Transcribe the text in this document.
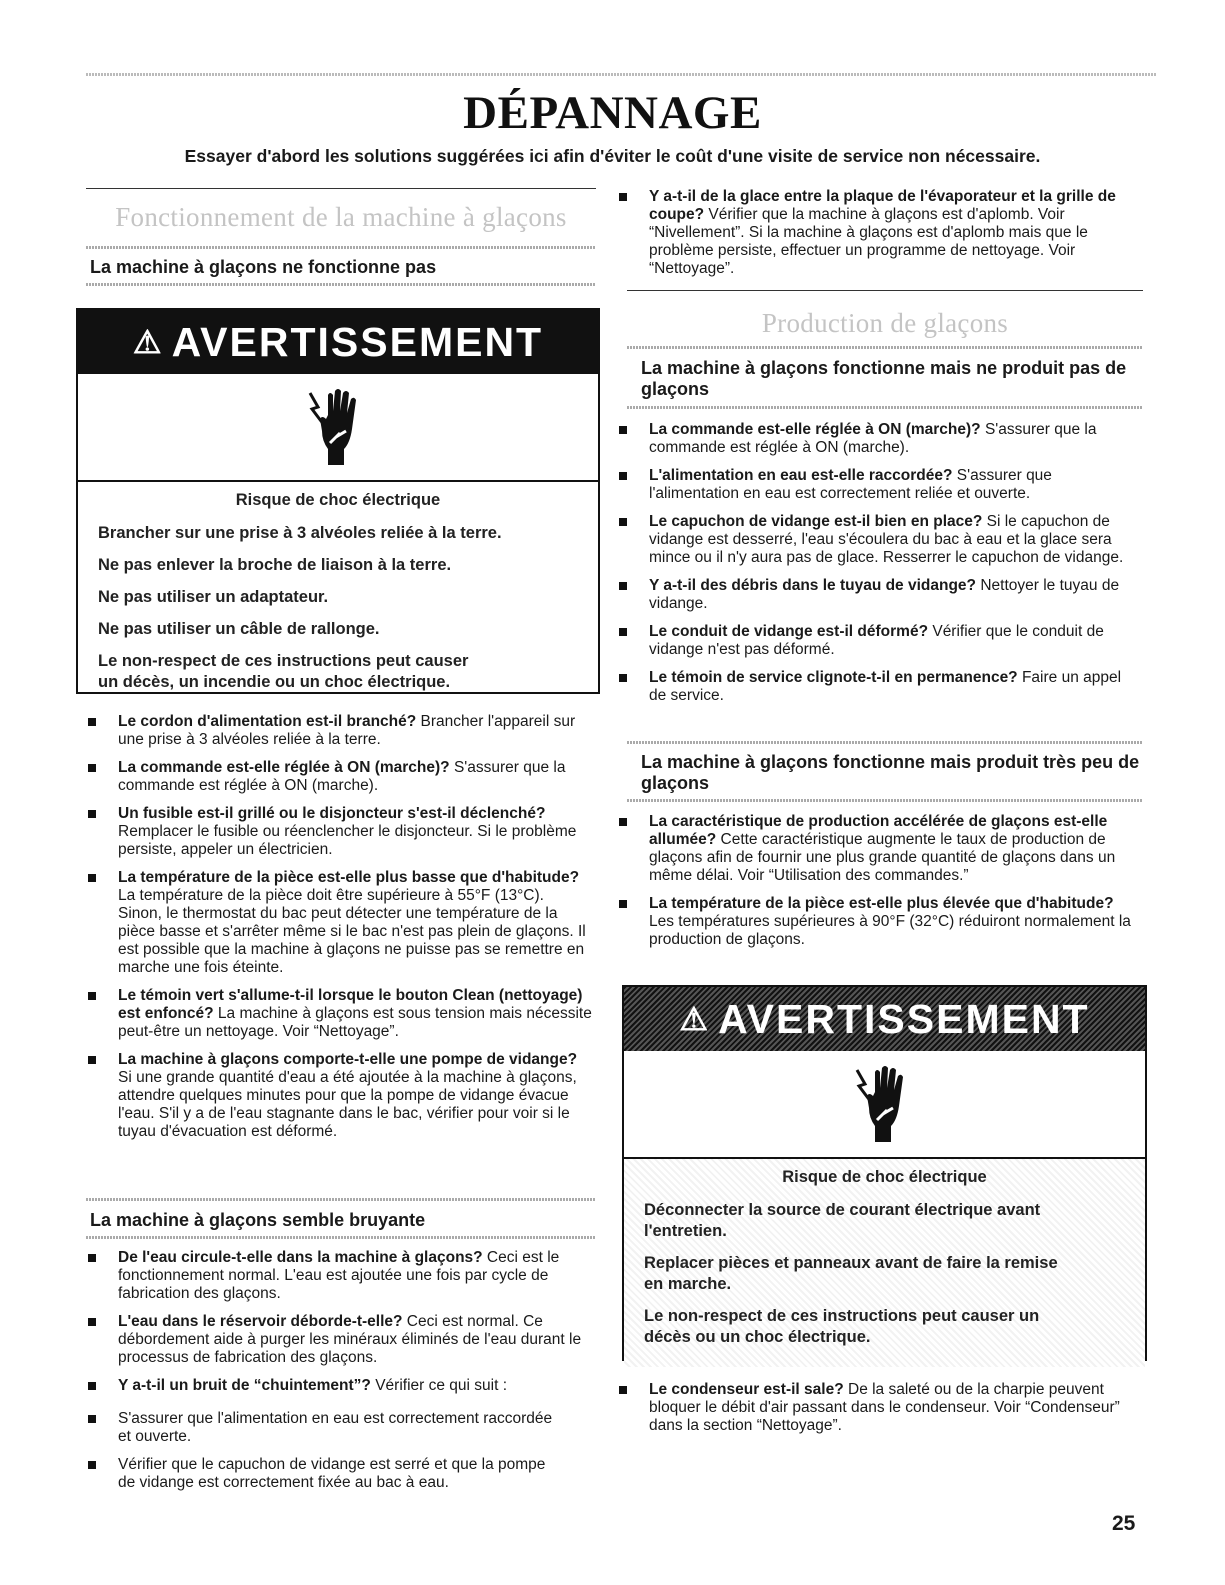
DÉPANNAGE

Essayer d'abord les solutions suggérées ici afin d'éviter le coût d'une visite de service non nécessaire.

Fonctionnement de la machine à glaçons
La machine à glaçons ne fonctionne pas
⚠ AVERTISSEMENT

Risque de choc électrique

Brancher sur une prise à 3 alvéoles reliée à la terre.

Ne pas enlever la broche de liaison à la terre.

Ne pas utiliser un adaptateur.

Ne pas utiliser un câble de rallonge.

Le non-respect de ces instructions peut causer

un décès, un incendie ou un choc électrique.

Le cordon d'alimentation est-il branché? Brancher l'appareil sur une prise à 3 alvéoles reliée à la terre.
La commande est-elle réglée à ON (marche)? S'assurer que la commande est réglée à ON (marche).
Un fusible est-il grillé ou le disjoncteur s'est-il déclenché? Remplacer le fusible ou réenclencher le disjoncteur. Si le problème persiste, appeler un électricien.
La température de la pièce est-elle plus basse que d'habitude? La température de la pièce doit être supérieure à 55°F (13°C). Sinon, le thermostat du bac peut détecter une température de la pièce basse et s'arrêter même si le bac n'est pas plein de glaçons. Il est possible que la machine à glaçons ne puisse pas se remettre en marche une fois éteinte.
Le témoin vert s'allume-t-il lorsque le bouton Clean (nettoyage) est enfoncé? La machine à glaçons est sous tension mais nécessite peut-être un nettoyage. Voir “Nettoyage”.
La machine à glaçons comporte-t-elle une pompe de vidange? Si une grande quantité d'eau a été ajoutée à la machine à glaçons, attendre quelques minutes pour que la pompe de vidange évacue l'eau. S'il y a de l'eau stagnante dans le bac, vérifier pour voir si le tuyau d'évacuation est déformé.
La machine à glaçons semble bruyante
De l'eau circule-t-elle dans la machine à glaçons? Ceci est le fonctionnement normal. L'eau est ajoutée une fois par cycle de fabrication des glaçons.
L'eau dans le réservoir déborde-t-elle? Ceci est normal. Ce débordement aide à purger les minéraux éliminés de l'eau durant le processus de fabrication des glaçons.
Y a-t-il un bruit de “chuintement”? Vérifier ce qui suit :
S'assurer que l'alimentation en eau est correctement raccordée et ouverte.
Vérifier que le capuchon de vidange est serré et que la pompe de vidange est correctement fixée au bac à eau.
Y a-t-il de la glace entre la plaque de l'évaporateur et la grille de coupe? Vérifier que la machine à glaçons est d'aplomb. Voir “Nivellement”. Si la machine à glaçons est d'aplomb mais que le problème persiste, effectuer un programme de nettoyage. Voir “Nettoyage”.
Production de glaçons
La machine à glaçons fonctionne mais ne produit pas de glaçons
La commande est-elle réglée à ON (marche)? S'assurer que la commande est réglée à ON (marche).
L'alimentation en eau est-elle raccordée? S'assurer que l'alimentation en eau est correctement reliée et ouverte.
Le capuchon de vidange est-il bien en place? Si le capuchon de vidange est desserré, l'eau s'écoulera du bac à eau et la glace sera mince ou il n'y aura pas de glace. Resserrer le capuchon de vidange.
Y a-t-il des débris dans le tuyau de vidange? Nettoyer le tuyau de vidange.
Le conduit de vidange est-il déformé? Vérifier que le conduit de vidange n'est pas déformé.
Le témoin de service clignote-t-il en permanence? Faire un appel de service.
La machine à glaçons fonctionne mais produit très peu de glaçons
La caractéristique de production accélérée de glaçons est-elle allumée? Cette caractéristique augmente le taux de production de glaçons afin de fournir une plus grande quantité de glaçons dans un même délai. Voir “Utilisation des commandes.”
La température de la pièce est-elle plus élevée que d'habitude? Les températures supérieures à 90°F (32°C) réduiront normalement la production de glaçons.
⚠ AVERTISSEMENT

Risque de choc électrique

Déconnecter la source de courant électrique avant l'entretien.

Replacer pièces et panneaux avant de faire la remise en marche.

Le non-respect de ces instructions peut causer un décès ou un choc électrique.

Le condenseur est-il sale? De la saleté ou de la charpie peuvent bloquer le débit d'air passant dans le condenseur. Voir “Condenseur” dans la section “Nettoyage”.

25
